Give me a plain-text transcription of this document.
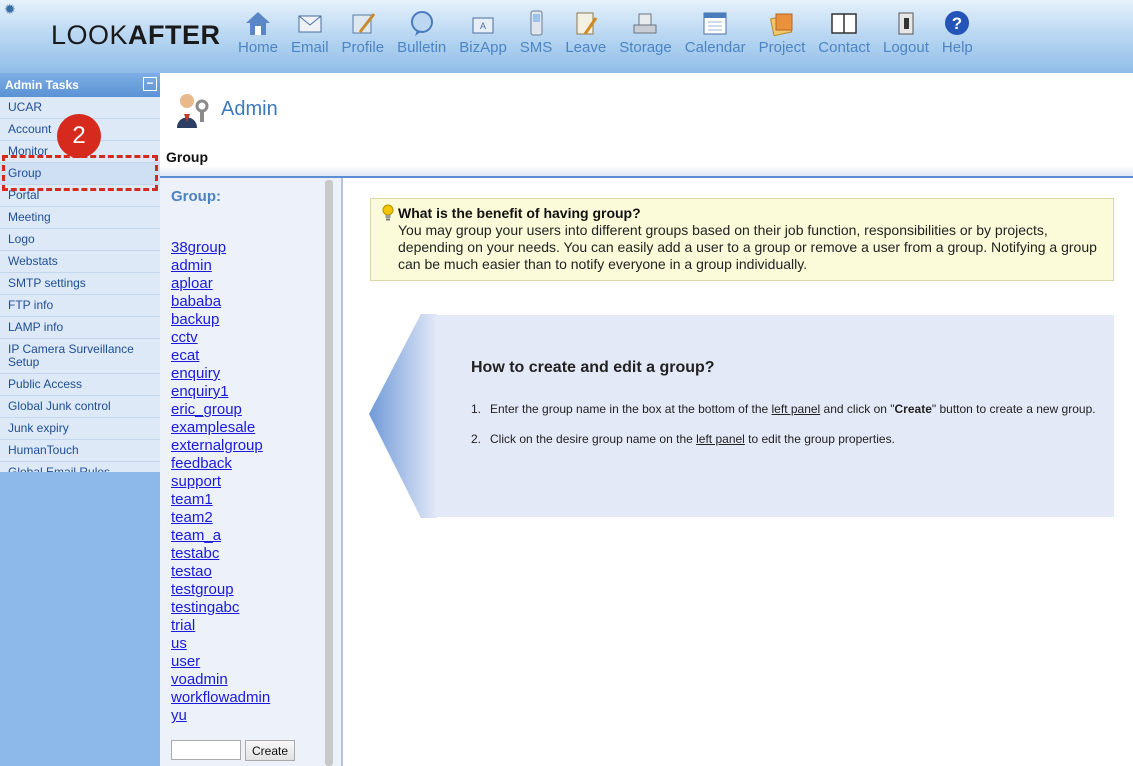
✹
LOOKAFTER Home Email Profile Bulletin
A
BizApp SMS Leave Storage Calendar Project Contact Logout
?
Help
Admin Tasks	−
UCAR
Account
Monitor
Group
Portal
Meeting
Logo
Webstats
SMTP settings
FTP info
LAMP info
IP Camera Surveillance Setup
Public Access
Global Junk control
Junk expiry
HumanTouch
2
Admin
Group
Group:
38group
admin
aploar
bababa
backup
cctv
ecat
enquiry
enquiry1
eric_group
examplesale
externalgroup
feedback
support
team1
team2
team_a
testabc
testao
testgroup
testingabc
trial
us
user
voadmin
workflowadmin
yu
Create
What is the benefit of having group?
You may group your users into different groups based on their job function, responsibilities or by projects, depending on your needs. You can easily add a user to a group or remove a user from a group. Notifying a group can be much easier than to notify everyone in a group individually.
How to create and edit a group?
1. Enter the group name in the box at the bottom of the left panel and click on "Create" button to create a new group.
2. Click on the desire group name on the left panel to edit the group properties.
